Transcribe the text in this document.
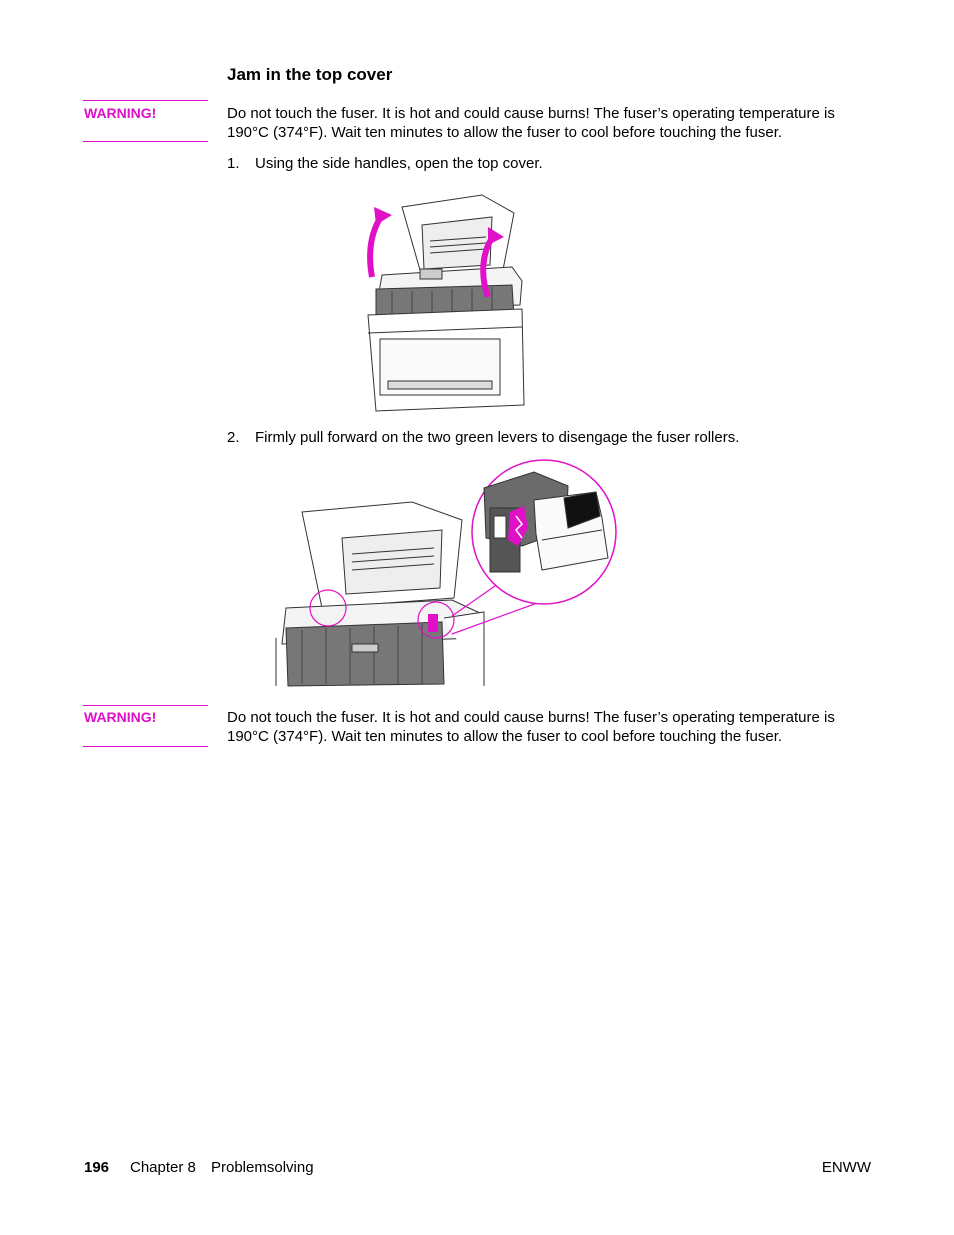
Jam in the top cover
WARNING!	Do not touch the fuser. It is hot and could cause burns! The fuser’s operating temperature is 190°C (374°F). Wait ten minutes to allow the fuser to cool before touching the fuser.
1. Using the side handles, open the top cover.
2. Firmly pull forward on the two green levers to disengage the fuser rollers.
WARNING!	Do not touch the fuser. It is hot and could cause burns! The fuser’s operating temperature is 190°C (374°F). Wait ten minutes to allow the fuser to cool before touching the fuser.
196 Chapter 8 Problemsolving	ENWW
